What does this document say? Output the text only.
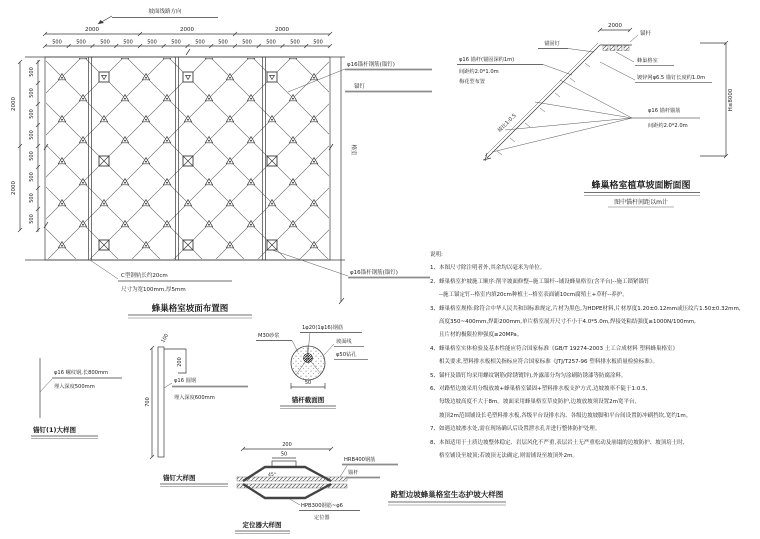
坡面线路方向
2000	2000	2000
500	500	500	500	500	500	500	500	500	500	500	500
500
500
500
500
500
500
500
500
2000
2000
φ16锚杆钢筋(锚钉)
锚钉
格室
φ16锚杆钢筋(锚钉)
C型钢轨长约20cm
尺寸为宽100mm,厚5mm
蜂巢格室坡面布置图
2000
锚杆
锚固钉
蜂巢格室
镀锌网φ6.5 锚钉长度约1.0m
φ16 锚杆(锚固深约1m)
间距约2.0*1.0m
梅花型布置
φ16 锚杆锚筋
间距约2.0*2.0m
坡比1:0.5
H≤8000
蜂巢格室植草坡面断面图
图中锚杆间距以m计
φ16 螺纹钢,长800mm
埋入深度500mm
锚钉(1)大样图
100
200
700
φ16 圆钢
埋入深度600mm
锚钉大样图
M30砂浆
1φ20(1φ16)钢筋
坡面线
φ50钻孔
50
锚杆截面图
200
50
45°
HRB400钢筋
锚杆
HPB300钢筋~φ6
定位器
定位器大样图
路堑边坡蜂巢格室生态护坡大样图
说明:
1、本图尺寸除注明者外,其余均以毫米为单位。
2、蜂巢格室护坡施工顺序:削平坡面修整--施工锚杆--铺设蜂巢格室(含平台)--施工锁紧锚钉
--施工锚定钉--格室内填20cm种植土--格室表面铺10cm腐殖土+草籽--养护。
3、蜂巢格室规格:除符合中华人民共和国标准规定,片材为黑色,为HDPE材料,片材厚度1.20±0.12mm或压纹片1.50±0.32mm,
高度350~400mm,焊距200mm,单片格室展开尺寸不小于4.0*5.0m,焊接处粘结强度≥1000N/100mm,
且片材的极限拉伸强度≥20MPa。
4、蜂巢格室实体检验及基本性能应符合国家标准《GB/T 19274-2003 土工合成材料 塑料蜂巢格室》
相关要求,塑料排水板相关指标应符合国家标准《JTJ/T257-96 塑料排水板质量检验标准》。
5、锚杆及锚钉均采用螺纹钢筋(除锈镀锌),外露部分均匀涂刷防锈漆等防腐涂料。
6、对路堑边坡采用分级放坡+蜂巢格室锚固+塑料排水板支护方式,边坡坡率不陡于1:0.5、
每级边坡高度不大于8m。坡面采用蜂巢格室草皮防护,边坡放坡须设置2m宽平台,
坡顶2m范围铺设长毛塑料排水板,各级平台设排水沟、各级边坡坡脚和平台间设置防冲刷挡坎,宽约1m。
7、如遇边坡渗水处,需在现场确认后设置泄水孔并进行整体防护处理。
8、本图适用于土质边坡整体稳定、岩层风化不严重,表层岩土无严重松动及崩塌的边坡防护、坡顶培土时,
格室铺设至坡顶;若坡顶无法确定,则需铺设至坡顶外2m。
